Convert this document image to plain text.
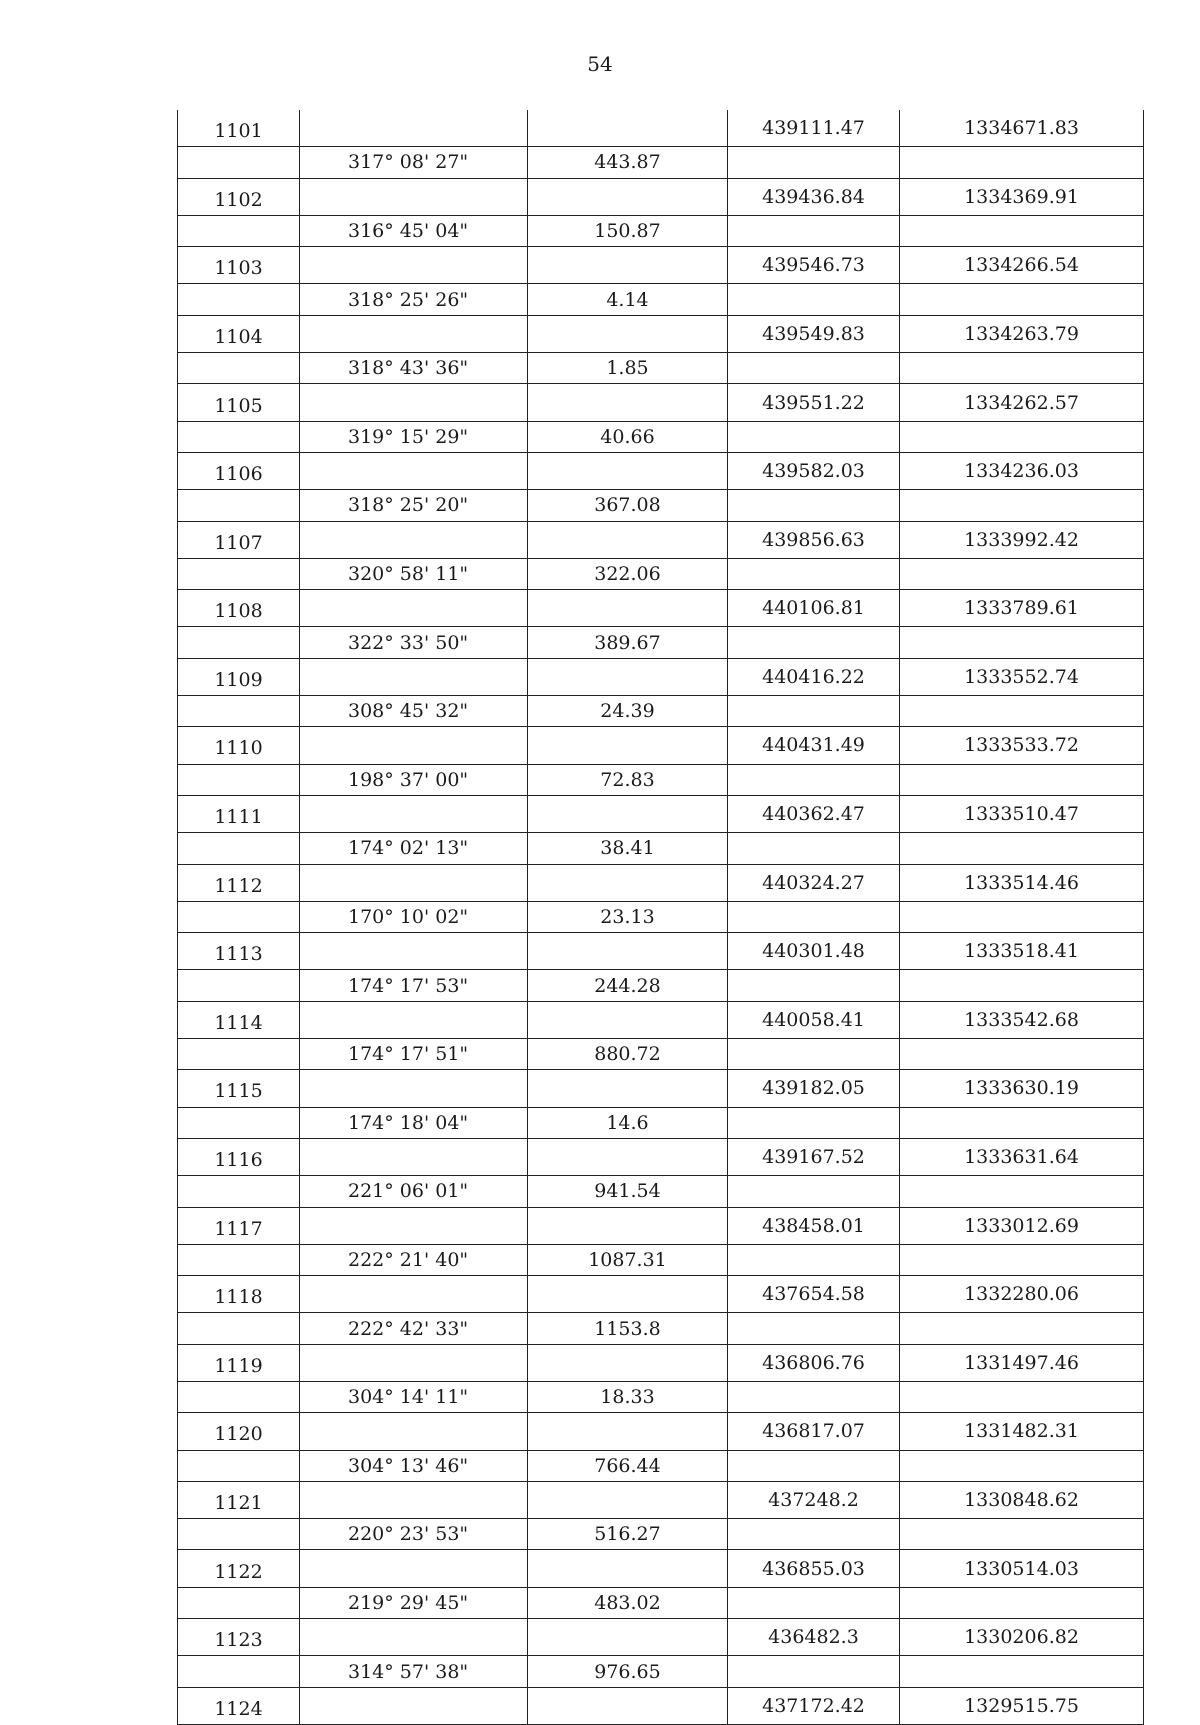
54
1101			439111.47	1334671.83
	317° 08' 27"	443.87		
1102			439436.84	1334369.91
	316° 45' 04"	150.87		
1103			439546.73	1334266.54
	318° 25' 26"	4.14		
1104			439549.83	1334263.79
	318° 43' 36"	1.85		
1105			439551.22	1334262.57
	319° 15' 29"	40.66		
1106			439582.03	1334236.03
	318° 25' 20"	367.08		
1107			439856.63	1333992.42
	320° 58' 11"	322.06		
1108			440106.81	1333789.61
	322° 33' 50"	389.67		
1109			440416.22	1333552.74
	308° 45' 32"	24.39		
1110			440431.49	1333533.72
	198° 37' 00"	72.83		
1111			440362.47	1333510.47
	174° 02' 13"	38.41		
1112			440324.27	1333514.46
	170° 10' 02"	23.13		
1113			440301.48	1333518.41
	174° 17' 53"	244.28		
1114			440058.41	1333542.68
	174° 17' 51"	880.72		
1115			439182.05	1333630.19
	174° 18' 04"	14.6		
1116			439167.52	1333631.64
	221° 06' 01"	941.54		
1117			438458.01	1333012.69
	222° 21' 40"	1087.31		
1118			437654.58	1332280.06
	222° 42' 33"	1153.8		
1119			436806.76	1331497.46
	304° 14' 11"	18.33		
1120			436817.07	1331482.31
	304° 13' 46"	766.44		
1121			437248.2	1330848.62
	220° 23' 53"	516.27		
1122			436855.03	1330514.03
	219° 29' 45"	483.02		
1123			436482.3	1330206.82
	314° 57' 38"	976.65		
1124			437172.42	1329515.75
